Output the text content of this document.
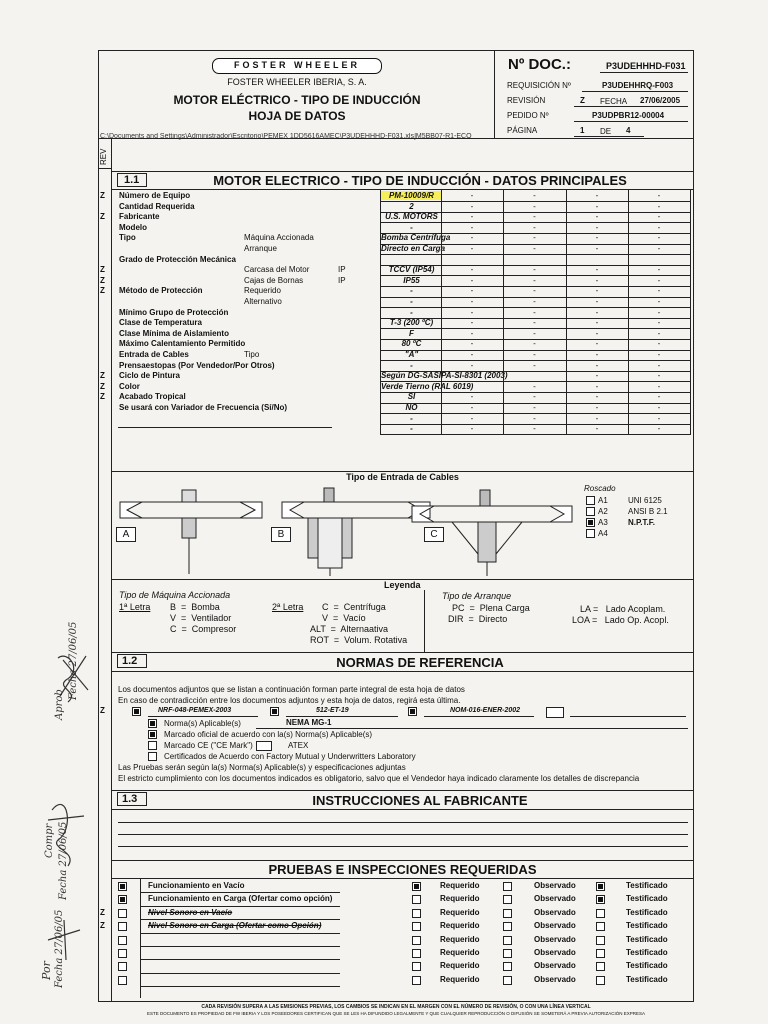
FOSTER WHEELER
FOSTER WHEELER IBERIA, S. A.
MOTOR ELÉCTRICO - TIPO DE INDUCCIÓN
HOJA DE DATOS
C:\Documents and Settings\Administrador\Escritorio\PEMEX 1DD5616AMEC\P3UDEHHHD-F031.xls]M5BB07-R1-ECO
Nº DOC.:	P3UDEHHHD-F031
REQUISICIÓN Nº	P3UDEHHRQ-F003
REVISIÓN	Z FECHA 27/06/2005
PEDIDO Nº	P3UDPBR12-00004
PÁGINA	1 DE 4
REV
1.1	MOTOR ELECTRICO - TIPO DE INDUCCIÓN - DATOS PRINCIPALES
Tipo de Entrada de Cables
A	B	C
Roscado
Leyenda
Tipo de Máquina Accionada
1ª Letra	2ª Letra
Tipo de Arranque
1.2	NORMAS DE REFERENCIA
Los documentos adjuntos que se listan a continuación forman parte integral de esta hoja de datos
En caso de contradicción entre los documentos adjuntos y esta hoja de datos, regirá esta última.
Z	NRF-048-PEMEX-2003	512-ET-19	NOM-016-ENER-2002
Norma(s) Aplicable(s)	NEMA MG-1
Marcado oficial de acuerdo con la(s) Norma(s) Aplicable(s)
Marcado CE ("CE Mark")	ATEX
Certificados de Acuerdo con Factory Mutual y Underwritters Laboratory
Las Pruebas serán según la(s) Norma(s) Aplicable(s) y especificaciones adjuntas
El estricto cumplimiento con los documentos indicados es obligatorio, salvo que el Vendedor haya indicado claramente los detalles de discrepancia
1.3	INSTRUCCIONES AL FABRICANTE
PRUEBAS E INSPECCIONES REQUERIDAS
CADA REVISIÓN SUPERA A LAS EMISIONES PREVIAS, LOS CAMBIOS SE INDICAN EN EL MARGEN CON EL NÚMERO DE REVISIÓN, O CON UNA LÍNEA VERTICAL
ESTE DOCUMENTO ES PROPIEDAD DE FW IBERIA Y LOS POSEEDORES CERTIFICAN QUE SE LES HA DIFUNDIDO LEGALMENTE Y QUE CUALQUIER REPRODUCCIÓN O DIFUSIÓN SE SOMETERÁ A PREVIA AUTORIZACIÓN EXPRESA
Aprob
Fecha 27/06/05
Compr Fecha 27/06/05
Por Fecha 27/06/05
Z Número de Equipo	PM-10009/R	-	-	-	-
Cantidad Requerida	2	-	-	-	-
Z Fabricante	U.S. MOTORS	-	-	-	-
Modelo	-	-	-	-	-
Tipo	Máquina Accionada	Bomba Centrífuga	-	-	-	-
Arranque	Directo en Carga	-	-	-	-
Grado de Protección Mecánica
Z	Carcasa del Motor	IP	TCCV (IP54)	-	-	-	-
Z	Cajas de Bornas	IP	IP55	-	-	-	-
Z Método de Protección	Requerido	-	-	-	-	-
Alternativo	-	-	-	-	-
Mínimo Grupo de Protección	-	-	-	-	-
Clase de Temperatura	T-3 (200 ºC)	-	-	-	-
Clase Mínima de Aislamiento	F	-	-	-	-
Máximo Calentamiento Permitido	80 ºC	-	-	-	-
Entrada de Cables	Tipo	"A"	-	-	-	-
Prensaestopas (Por Vendedor/Por Otros)	-	-	-	-	-
Z Ciclo de Pintura	Según DG-SASIPA-SI-8301 (2003)	-	-
Z Color	Verde Tierno (RAL 6019)	-	-	-
Z Acabado Tropical	SI	-	-	-	-
Se usará con Variador de Frecuencia (Sí/No)	NO	-	-	-	-
-	-	-	-	-
-	-	-	-	-
A1	UNI 6125
A2	ANSI B 2.1
A3	N.P.T.F.
A4
B  =  Bomba
V  =  Ventilador
C  =  Compresor
C  =  Centrífuga
V  =  Vacío
ALT  =  Alternaativa
ROT  =  Volum. Rotativa
PC  =  Plena Carga
DIR  =  Directo
LA =   Lado Acoplam.
LOA =   Lado Op. Acopl.
Funcionamiento en Vacío	Requerido	Observado	Testificado
Funcionamiento en Carga (Ofertar como opción)	Requerido	Observado	Testificado
Z	Nivel Sonoro en Vacío	Requerido	Observado	Testificado
Z	Nivel Sonoro en Carga (Ofertar como Opción)	Requerido	Observado	Testificado
Requerido	Observado	Testificado
Requerido	Observado	Testificado
Requerido	Observado	Testificado
Requerido	Observado	Testificado
